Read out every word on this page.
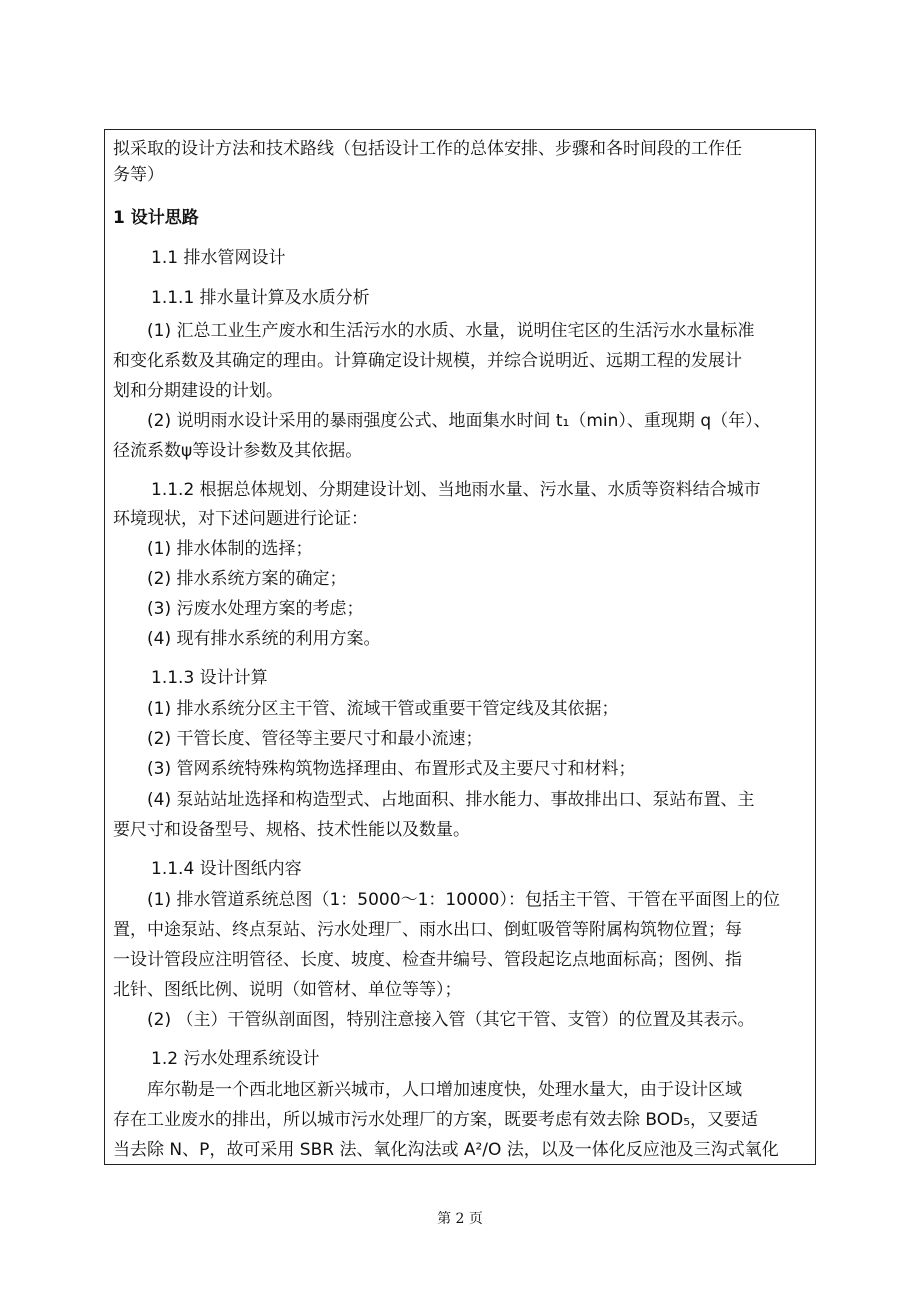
拟采取的设计方法和技术路线（包括设计工作的总体安排、步骤和各时间段的工作任
务等）
1 设计思路
1.1 排水管网设计
1.1.1 排水量计算及水质分析
(1) 汇总工业生产废水和生活污水的水质、水量，说明住宅区的生活污水水量标准
和变化系数及其确定的理由。计算确定设计规模，并综合说明近、远期工程的发展计
划和分期建设的计划。
(2) 说明雨水设计采用的暴雨强度公式、地面集水时间 t₁（min）、重现期 q（年）、
径流系数ψ等设计参数及其依据。
1.1.2 根据总体规划、分期建设计划、当地雨水量、污水量、水质等资料结合城市
环境现状，对下述问题进行论证：
(1) 排水体制的选择；
(2) 排水系统方案的确定；
(3) 污废水处理方案的考虑；
(4) 现有排水系统的利用方案。
1.1.3 设计计算
(1) 排水系统分区主干管、流域干管或重要干管定线及其依据；
(2) 干管长度、管径等主要尺寸和最小流速；
(3) 管网系统特殊构筑物选择理由、布置形式及主要尺寸和材料；
(4) 泵站站址选择和构造型式、占地面积、排水能力、事故排出口、泵站布置、主
要尺寸和设备型号、规格、技术性能以及数量。
1.1.4 设计图纸内容
(1) 排水管道系统总图（1：5000～1：10000）：包括主干管、干管在平面图上的位
置，中途泵站、终点泵站、污水处理厂、雨水出口、倒虹吸管等附属构筑物位置；每
一设计管段应注明管径、长度、坡度、检查井编号、管段起讫点地面标高；图例、指
北针、图纸比例、说明（如管材、单位等等）；
(2) （主）干管纵剖面图，特别注意接入管（其它干管、支管）的位置及其表示。
1.2 污水处理系统设计
库尔勒是一个西北地区新兴城市，人口增加速度快，处理水量大，由于设计区域
存在工业废水的排出，所以城市污水处理厂的方案，既要考虑有效去除 BOD₅，又要适
当去除 N、P，故可采用 SBR 法、氧化沟法或 A²/O 法，以及一体化反应池及三沟式氧化
第 2 页
